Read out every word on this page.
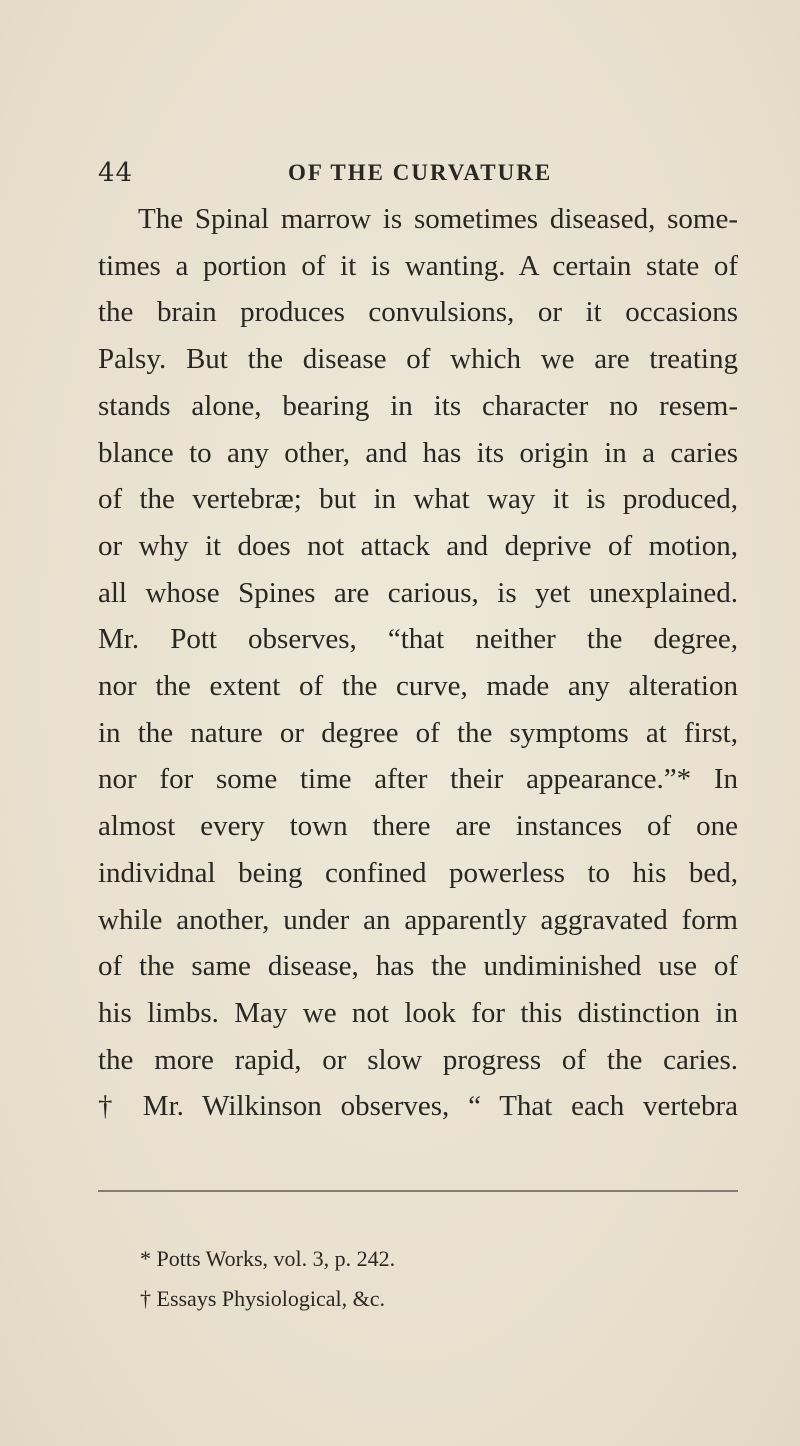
44	OF THE CURVATURE
The Spinal marrow is sometimes diseased, some-
times a portion of it is wanting. A certain state of
the brain produces convulsions, or it occasions
Palsy. But the disease of which we are treating
stands alone, bearing in its character no resem-
blance to any other, and has its origin in a caries
of the vertebræ; but in what way it is produced,
or why it does not attack and deprive of motion,
all whose Spines are carious, is yet unexplained.
Mr. Pott observes, “that neither the degree,
nor the extent of the curve, made any alteration
in the nature or degree of the symptoms at first,
nor for some time after their appearance.”* In
almost every town there are instances of one
individnal being confined powerless to his bed,
while another, under an apparently aggravated form
of the same disease, has the undiminished use of
his limbs. May we not look for this distinction in
the more rapid, or slow progress of the caries.
† Mr. Wilkinson observes, “ That each vertebra
* Potts Works, vol. 3, p. 242.
† Essays Physiological, &c.
